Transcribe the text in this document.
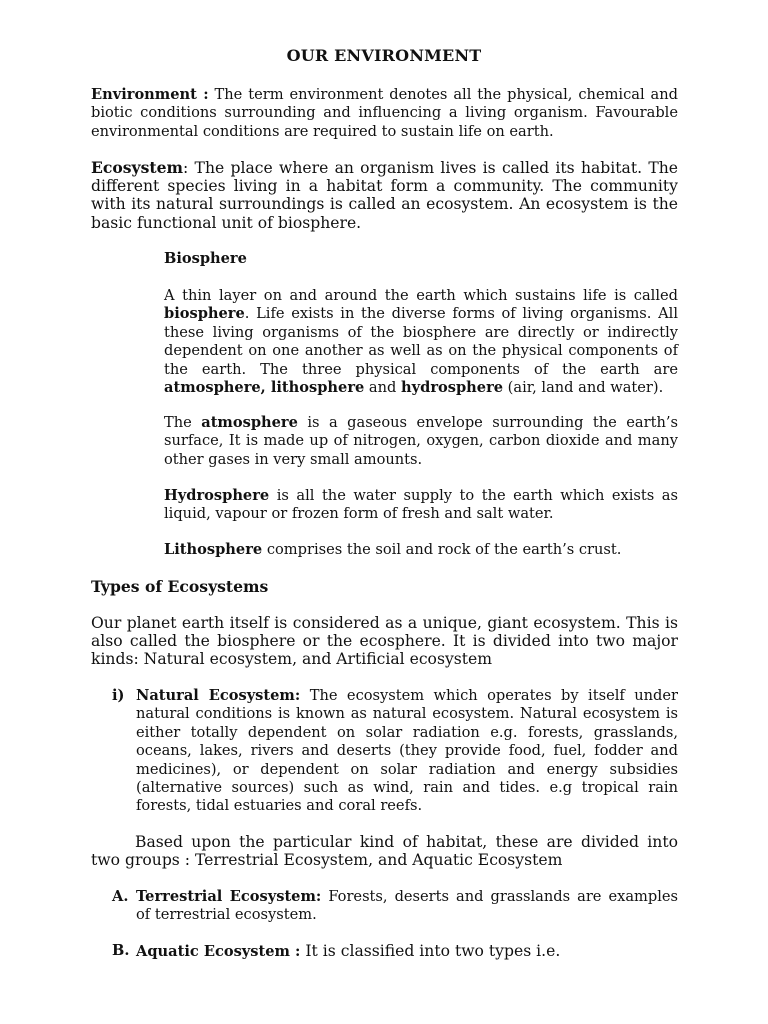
OUR ENVIRONMENT

Environment : The term environment denotes all the physical, chemical and biotic conditions surrounding and influencing a living organism. Favourable environmental conditions are required to sustain life on earth.

Ecosystem: The place where an organism lives is called its habitat. The different species living in a habitat form a community. The community with its natural surroundings is called an ecosystem. An ecosystem is the basic functional unit of biosphere.

Biosphere

A thin layer on and around the earth which sustains life is called biosphere. Life exists in the diverse forms of living organisms. All these living organisms of the biosphere are directly or indirectly dependent on one another as well as on the physical components of the earth. The three physical components of the earth are atmosphere, lithosphere and hydrosphere (air, land and water).

The atmosphere is a gaseous envelope surrounding the earth’s surface, It is made up of nitrogen, oxygen, carbon dioxide and many other gases in very small amounts.

Hydrosphere is all the water supply to the earth which exists as liquid, vapour or frozen form of fresh and salt water.

Lithosphere comprises the soil and rock of the earth’s crust.

Types of Ecosystems

Our planet earth itself is considered as a unique, giant ecosystem. This is also called the biosphere or the ecosphere. It is divided into two major kinds: Natural ecosystem, and Artificial ecosystem

i) Natural Ecosystem: The ecosystem which operates by itself under natural conditions is known as natural ecosystem. Natural ecosystem is either totally dependent on solar radiation e.g. forests, grasslands, oceans, lakes, rivers and deserts (they provide food, fuel, fodder and medicines), or dependent on solar radiation and energy subsidies (alternative sources) such as wind, rain and tides. e.g tropical rain forests, tidal estuaries and coral reefs.

Based upon the particular kind of habitat, these are divided into two groups : Terrestrial Ecosystem, and Aquatic Ecosystem

A. Terrestrial Ecosystem: Forests, deserts and grasslands are examples of terrestrial ecosystem.

B. Aquatic Ecosystem : It is classified into two types i.e.
